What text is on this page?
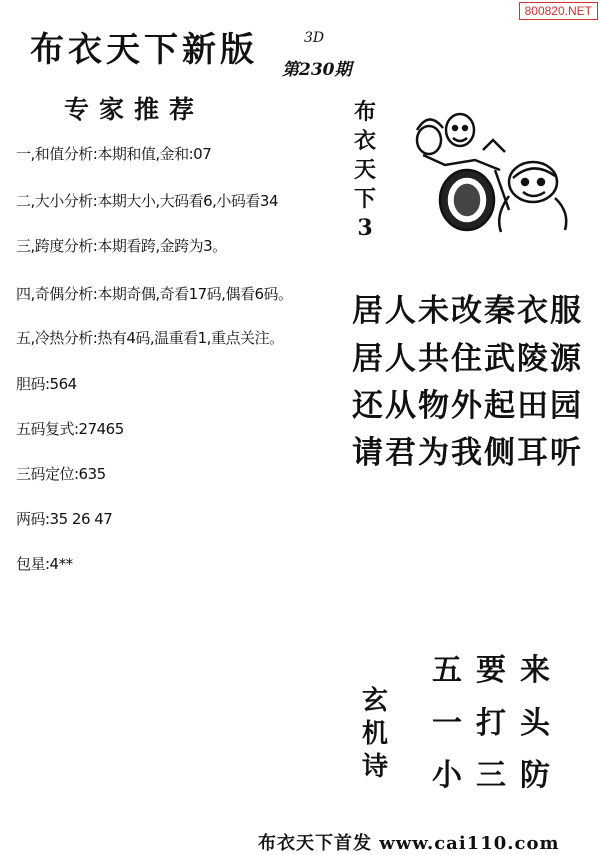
800820.NET
布衣天下新版	3D
第230期
专家推荐
一,和值分析:本期和值,金和:07
二,大小分析:本期大小,大码看6,小码看34
三,跨度分析:本期看跨,金跨为3。
四,奇偶分析:本期奇偶,奇看17码,偶看6码。
五,冷热分析:热有4码,温重看1,重点关注。
胆码:564
五码复式:27465
三码定位:635
两码:35 26 47
包星:4**
布
衣
天
下
3
居人未改秦衣服
居人共住武陵源
还从物外起田园
请君为我侧耳听
玄
机
诗
五要来
一打头
小三防
布衣天下首发 www.cai110.com
